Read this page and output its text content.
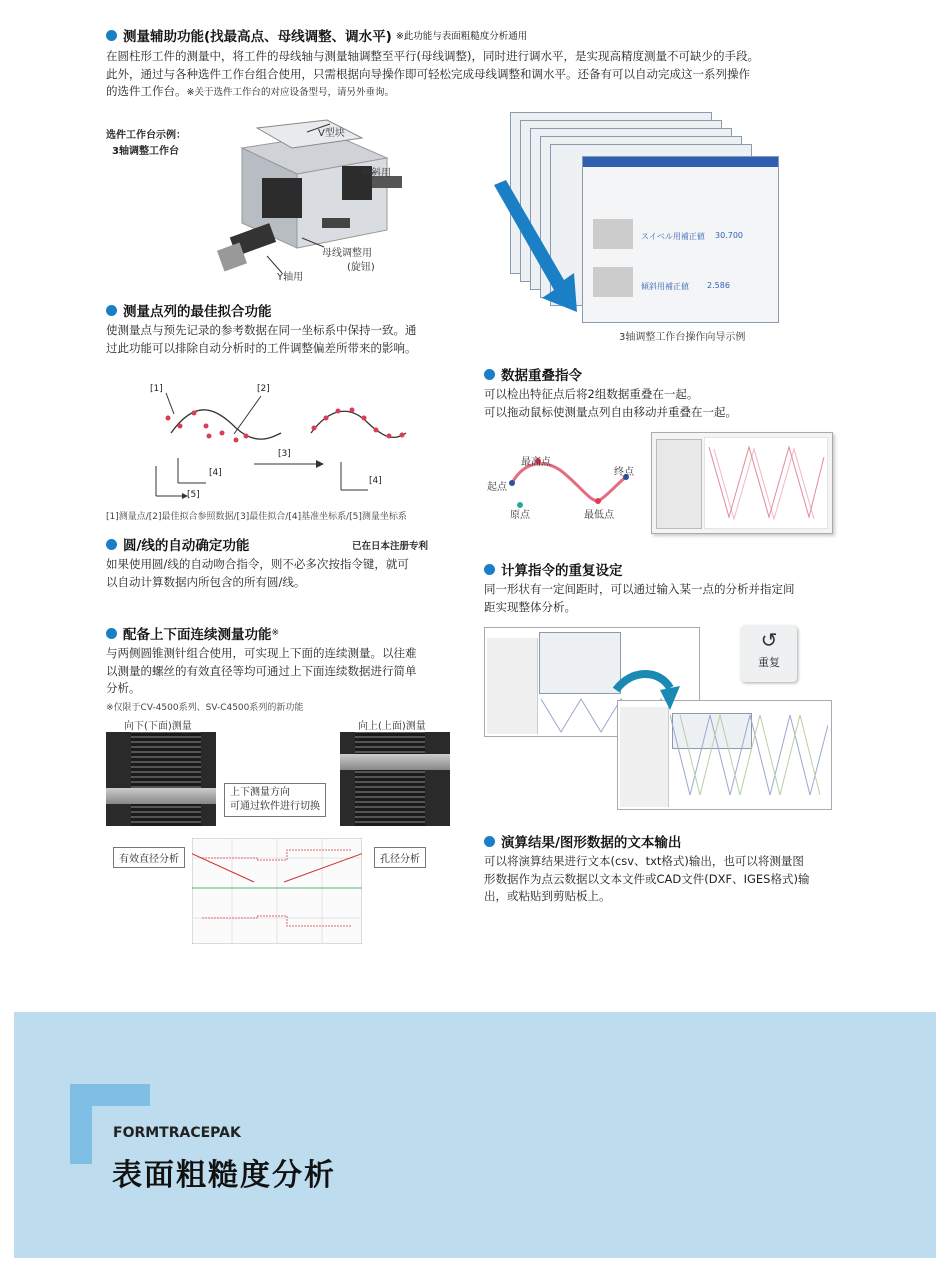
测量辅助功能(找最高点、母线调整、调水平) ※此功能与表面粗糙度分析通用
在圆柱形工件的测量中，将工件的母线轴与测量轴调整至平行(母线调整)，同时进行调水平，是实现高精度测量不可缺少的手段。
此外，通过与各种选件工作台组合使用，只需根据向导操作即可轻松完成母线调整和调水平。还备有可以自动完成这一系列操作
的选件工作台。※关于选件工作台的对应设备型号，请另外垂询。
选件工作台示例：
3轴调整工作台
V型块
倾斜用
母线调整用
(旋钮)
Y轴用
スイベル用補正値 30.700
傾斜用補正値 2.586
3轴调整工作台操作向导示例
测量点列的最佳拟合功能
使测量点与预先记录的参考数据在同一坐标系中保持一致。通
过此功能可以排除自动分析时的工件调整偏差所带来的影响。
[1]	[2]
[3]
[4]
[4]
[5]
[1]测量点/[2]最佳拟合参照数据/[3]最佳拟合/[4]基准坐标系/[5]测量坐标系
圆/线的自动确定功能	已在日本注册专利
如果使用圆/线的自动吻合指令，则不必多次按指令键，就可
以自动计算数据内所包含的所有圆/线。
配备上下面连续测量功能 ※
与两侧圆锥测针组合使用，可实现上下面的连续测量。以往难
以测量的螺丝的有效直径等均可通过上下面连续数据进行简单
分析。
※仅限于CV-4500系列、SV-C4500系列的新功能
向下(下面)测量	向上(上面)测量
上下测量方向
可通过软件进行切换
有效直径分析	孔径分析
数据重叠指令
可以检出特征点后将2组数据重叠在一起。
可以拖动鼠标使测量点列自由移动并重叠在一起。
最高点
终点
起点
原点	最低点
计算指令的重复设定
同一形状有一定间距时，可以通过输入某一点的分析并指定间
距实现整体分析。
↺
重复
演算结果/图形数据的文本输出
可以将演算结果进行文本(csv、txt格式)输出，也可以将测量图
形数据作为点云数据以文本文件或CAD文件(DXF、IGES格式)输
出，或粘贴到剪贴板上。
FORMTRACEPAK
表面粗糙度分析
